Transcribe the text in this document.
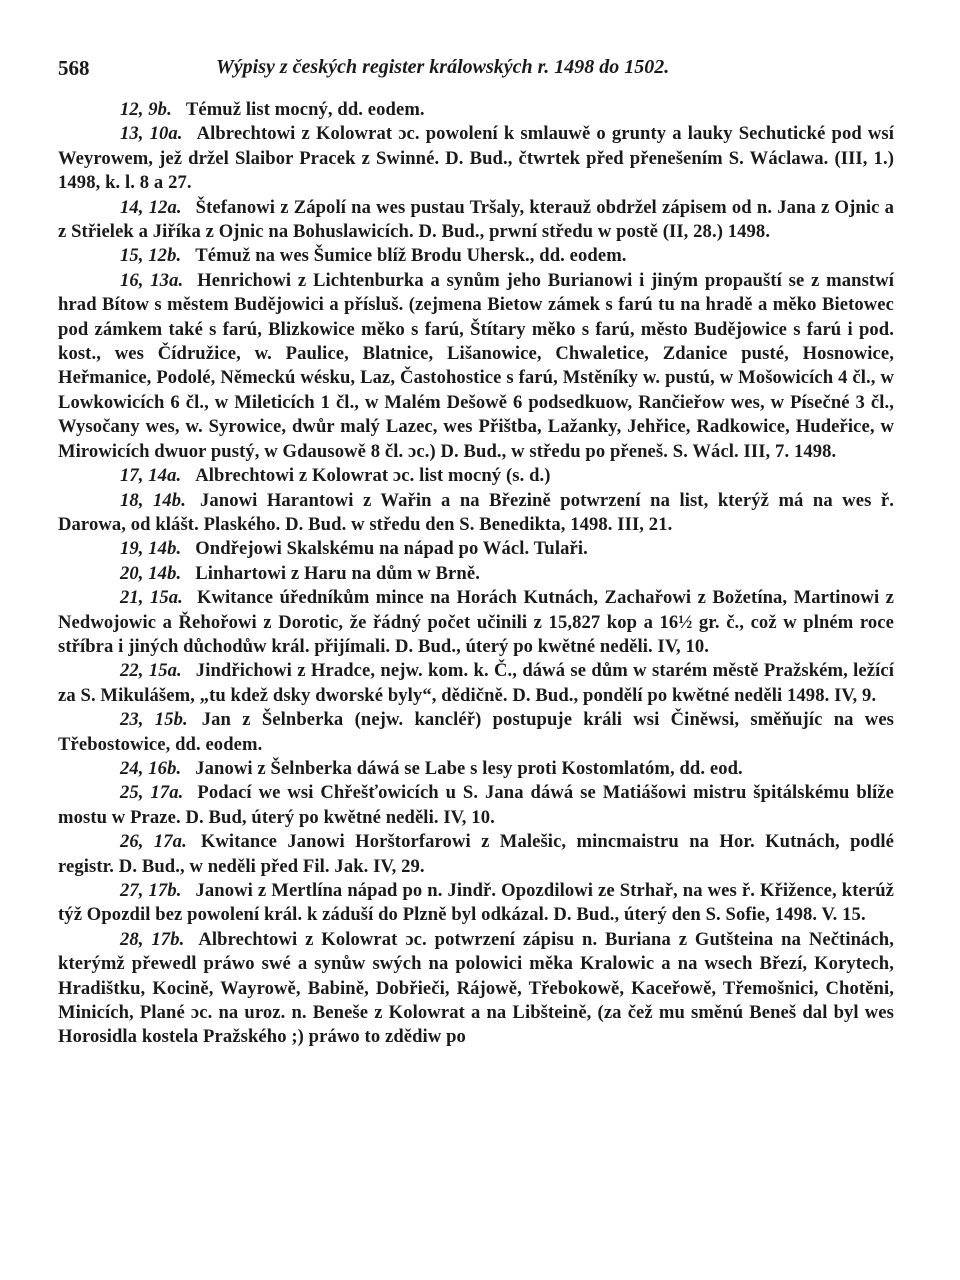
568	Wýpisy z českých register králowských r. 1498 do 1502.

12, 9b. Témuž list mocný, dd. eodem.

13, 10a. Albrechtowi z Kolowrat ɔc. powolení k smlauwě o grunty a lauky Sechutické pod wsí Weyrowem, jež držel Slaibor Pracek z Swinné. D. Bud., čtwrtek před přenešením S. Wáclawa. (III, 1.) 1498, k. l. 8 a 27.

14, 12a. Štefanowi z Zápolí na wes pustau Tršaly, kterauž obdržel zápisem od n. Jana z Ojnic a z Střielek a Jiříka z Ojnic na Bohuslawicích. D. Bud., prwní středu w postě (II, 28.) 1498.

15, 12b. Témuž na wes Šumice blíž Brodu Uhersk., dd. eodem.

16, 13a. Henrichowi z Lichtenburka a synům jeho Burianowi i jiným propauští se z manstwí hrad Bítow s městem Budějowici a přísluš. (zejmena Bietow zámek s farú tu na hradě a měko Bietowec pod zámkem také s farú, Blizkowice měko s farú, Štítary měko s farú, město Budějowice s farú i pod. kost., wes Čídružice, w. Paulice, Blatnice, Lišanowice, Chwaletice, Zdanice pusté, Hosnowice, Heřmanice, Podolé, Německú wésku, Laz, Častohostice s farú, Mstěníky w. pustú, w Mošowicích 4 čl., w Lowkowicích 6 čl., w Mileticích 1 čl., w Malém Dešowě 6 podsedkuow, Rančieřow wes, w Písečné 3 čl., Wysočany wes, w. Syrowice, dwůr malý Lazec, wes Přištba, Lažanky, Jehřice, Radkowice, Hudeřice, w Mirowicích dwuor pustý, w Gdausowě 8 čl. ɔc.) D. Bud., w středu po přeneš. S. Wácl. III, 7. 1498.

17, 14a. Albrechtowi z Kolowrat ɔc. list mocný (s. d.)

18, 14b. Janowi Harantowi z Wařin a na Březině potwrzení na list, kterýž má na wes ř. Darowa, od klášt. Plaského. D. Bud. w středu den S. Benedikta, 1498. III, 21.

19, 14b. Ondřejowi Skalskému na nápad po Wácl. Tulaři.

20, 14b. Linhartowi z Haru na dům w Brně.

21, 15a. Kwitance úředníkům mince na Horách Kutnách, Zachařowi z Božetína, Martinowi z Nedwojowic a Řehořowi z Dorotic, že řádný počet učinili z 15,827 kop a 16½ gr. č., což w plném roce stříbra i jiných důchodůw král. přijímali. D. Bud., úterý po kwětné neděli. IV, 10.

22, 15a. Jindřichowi z Hradce, nejw. kom. k. Č., dáwá se dům w starém městě Pražském, ležící za S. Mikulášem, „tu kdež dsky dworské byly“, dědičně. D. Bud., pondělí po kwětné neděli 1498. IV, 9.

23, 15b. Jan z Šelnberka (nejw. kancléř) postupuje králi wsi Činěwsi, směňujíc na wes Třebostowice, dd. eodem.

24, 16b. Janowi z Šelnberka dáwá se Labe s lesy proti Kostomlatóm, dd. eod.

25, 17a. Podací we wsi Chřešťowicích u S. Jana dáwá se Matiášowi mistru špitálskému blíže mostu w Praze. D. Bud, úterý po kwětné neděli. IV, 10.

26, 17a. Kwitance Janowi Horštorfarowi z Malešic, mincmaistru na Hor. Kutnách, podlé registr. D. Bud., w neděli před Fil. Jak. IV, 29.

27, 17b. Janowi z Mertlína nápad po n. Jindř. Opozdilowi ze Strhař, na wes ř. Křižence, kterúž týž Opozdil bez powolení král. k záduší do Plzně byl odkázal. D. Bud., úterý den S. Sofie, 1498. V. 15.

28, 17b. Albrechtowi z Kolowrat ɔc. potwrzení zápisu n. Buriana z Gutšteina na Nečtinách, kterýmž přewedl práwo swé a synůw swých na polowici měka Kralowic a na wsech Březí, Korytech, Hradištku, Kocině, Wayrowě, Babině, Dobřieči, Rájowě, Třebokowě, Kaceřowě, Třemošnici, Chotěni, Minicích, Plané ɔc. na uroz. n. Beneše z Kolowrat a na Libšteině, (za čež mu směnú Beneš dal byl wes Horosidla kostela Pražského ;) práwo to zdědiw po
